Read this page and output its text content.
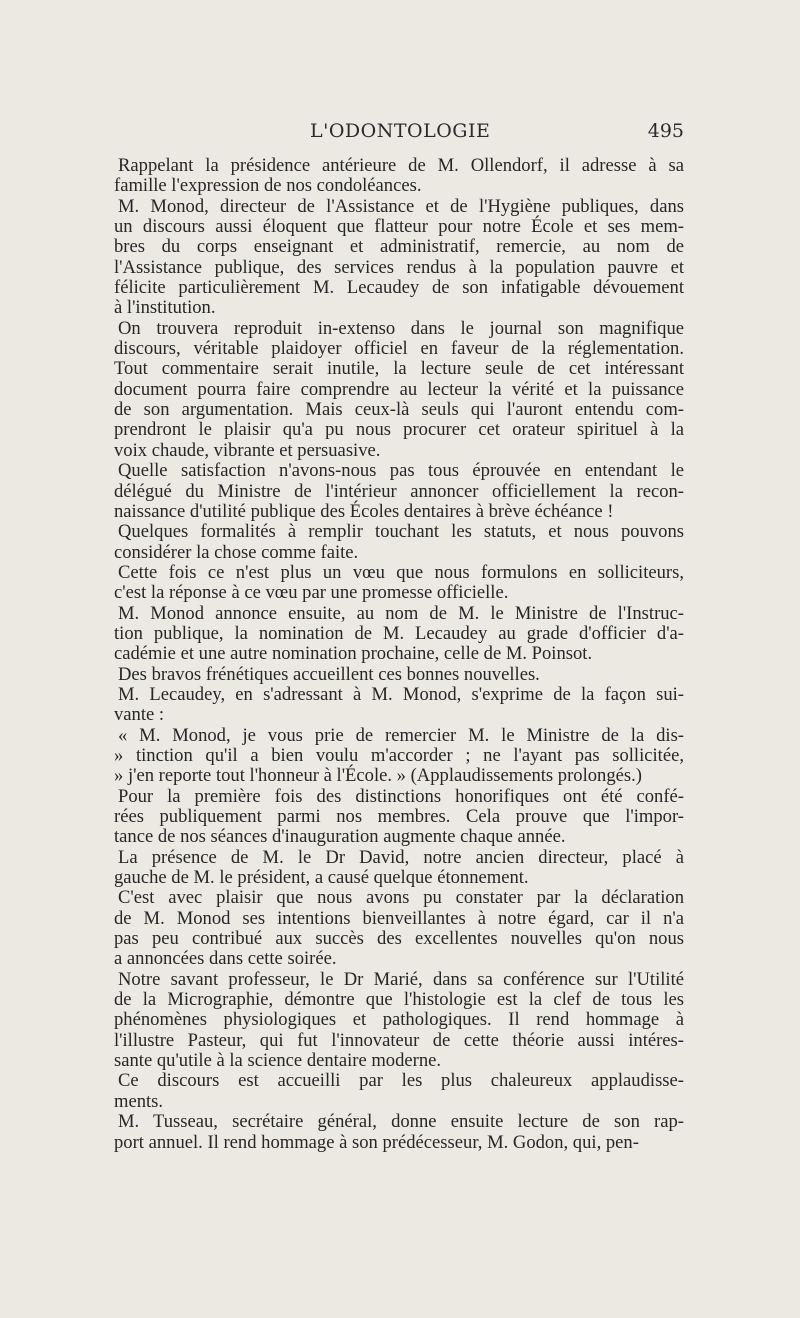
L'ODONTOLOGIE	495
Rappelant la présidence antérieure de M. Ollendorf, il adresse à sa
famille l'expression de nos condoléances.
M. Monod, directeur de l'Assistance et de l'Hygiène publiques, dans
un discours aussi éloquent que flatteur pour notre École et ses mem-
bres du corps enseignant et administratif, remercie, au nom de
l'Assistance publique, des services rendus à la population pauvre et
félicite particulièrement M. Lecaudey de son infatigable dévouement
à l'institution.
On trouvera reproduit in-extenso dans le journal son magnifique
discours, véritable plaidoyer officiel en faveur de la réglementation.
Tout commentaire serait inutile, la lecture seule de cet intéressant
document pourra faire comprendre au lecteur la vérité et la puissance
de son argumentation. Mais ceux-là seuls qui l'auront entendu com-
prendront le plaisir qu'a pu nous procurer cet orateur spirituel à la
voix chaude, vibrante et persuasive.
Quelle satisfaction n'avons-nous pas tous éprouvée en entendant le
délégué du Ministre de l'intérieur annoncer officiellement la recon-
naissance d'utilité publique des Écoles dentaires à brève échéance !
Quelques formalités à remplir touchant les statuts, et nous pouvons
considérer la chose comme faite.
Cette fois ce n'est plus un vœu que nous formulons en solliciteurs,
c'est la réponse à ce vœu par une promesse officielle.
M. Monod annonce ensuite, au nom de M. le Ministre de l'Instruc-
tion publique, la nomination de M. Lecaudey au grade d'officier d'a-
cadémie et une autre nomination prochaine, celle de M. Poinsot.
Des bravos frénétiques accueillent ces bonnes nouvelles.
M. Lecaudey, en s'adressant à M. Monod, s'exprime de la façon sui-
vante :
« M. Monod, je vous prie de remercier M. le Ministre de la dis-
» tinction qu'il a bien voulu m'accorder ; ne l'ayant pas sollicitée,
» j'en reporte tout l'honneur à l'École. » (Applaudissements prolongés.)
Pour la première fois des distinctions honorifiques ont été confé-
rées publiquement parmi nos membres. Cela prouve que l'impor-
tance de nos séances d'inauguration augmente chaque année.
La présence de M. le Dr David, notre ancien directeur, placé à
gauche de M. le président, a causé quelque étonnement.
C'est avec plaisir que nous avons pu constater par la déclaration
de M. Monod ses intentions bienveillantes à notre égard, car il n'a
pas peu contribué aux succès des excellentes nouvelles qu'on nous
a annoncées dans cette soirée.
Notre savant professeur, le Dr Marié, dans sa conférence sur l'Utilité
de la Micrographie, démontre que l'histologie est la clef de tous les
phénomènes physiologiques et pathologiques. Il rend hommage à
l'illustre Pasteur, qui fut l'innovateur de cette théorie aussi intéres-
sante qu'utile à la science dentaire moderne.
Ce discours est accueilli par les plus chaleureux applaudisse-
ments.
M. Tusseau, secrétaire général, donne ensuite lecture de son rap-
port annuel. Il rend hommage à son prédécesseur, M. Godon, qui, pen-
